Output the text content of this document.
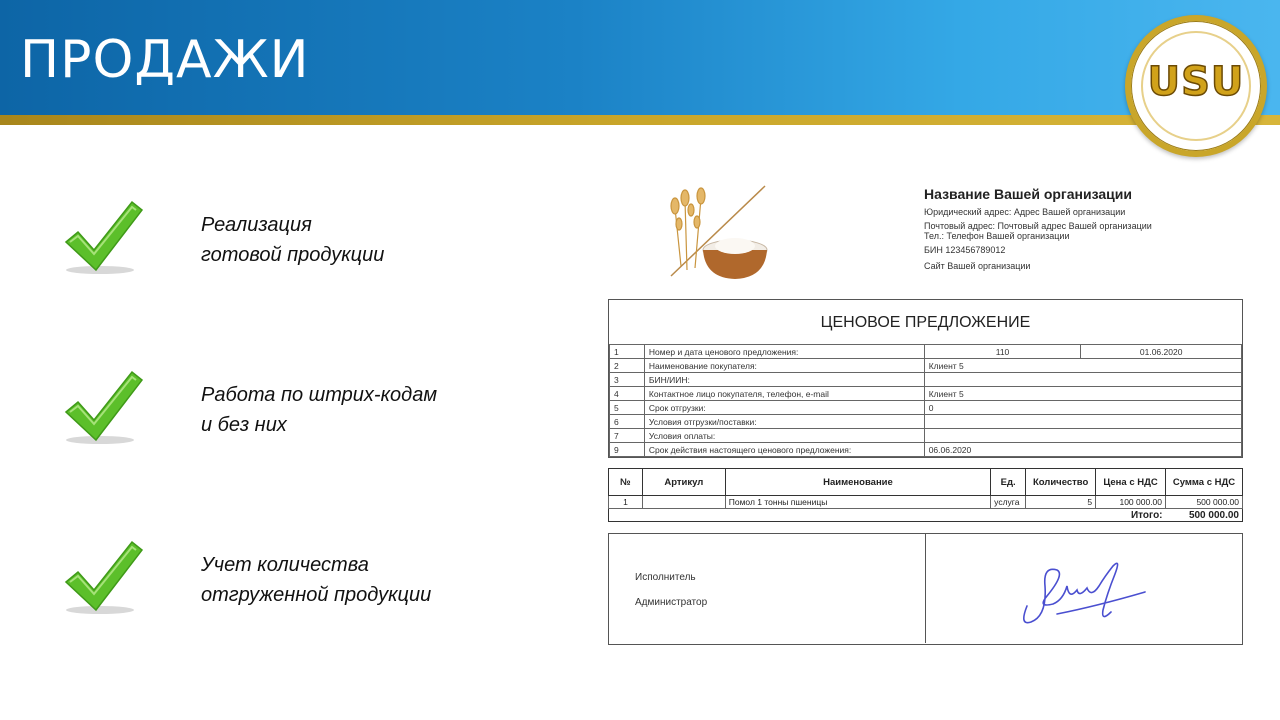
ПРОДАЖИ	USU
Реализация
готовой продукции
Работа по штрих-кодам
и без них
Учет количества
отгруженной продукции
Название Вашей организации
Юридический адрес: Адрес Вашей организации
Почтовый адрес: Почтовый адрес Вашей организации
Тел.: Телефон Вашей организации
БИН 123456789012
Сайт Вашей организации
ЦЕНОВОЕ ПРЕДЛОЖЕНИЕ
1	Номер и дата ценового предложения:	110	01.06.2020
2	Наименование покупателя:	Клиент 5	
3	БИН/ИИН:		
4	Контактное лицо покупателя, телефон, e-mail	Клиент 5	
5	Срок отгрузки:	0	
6	Условия отгрузки/поставки:		
7	Условия оплаты:		
9	Срок действия настоящего ценового предложения:	06.06.2020	
№	Артикул	Наименование	Ед.	Количество	Цена с НДС	Сумма с НДС
1		Помол 1 тонны пшеницы	услуга	5	100 000.00	500 000.00
					Итого:	500 000.00
Исполнитель
Администратор
